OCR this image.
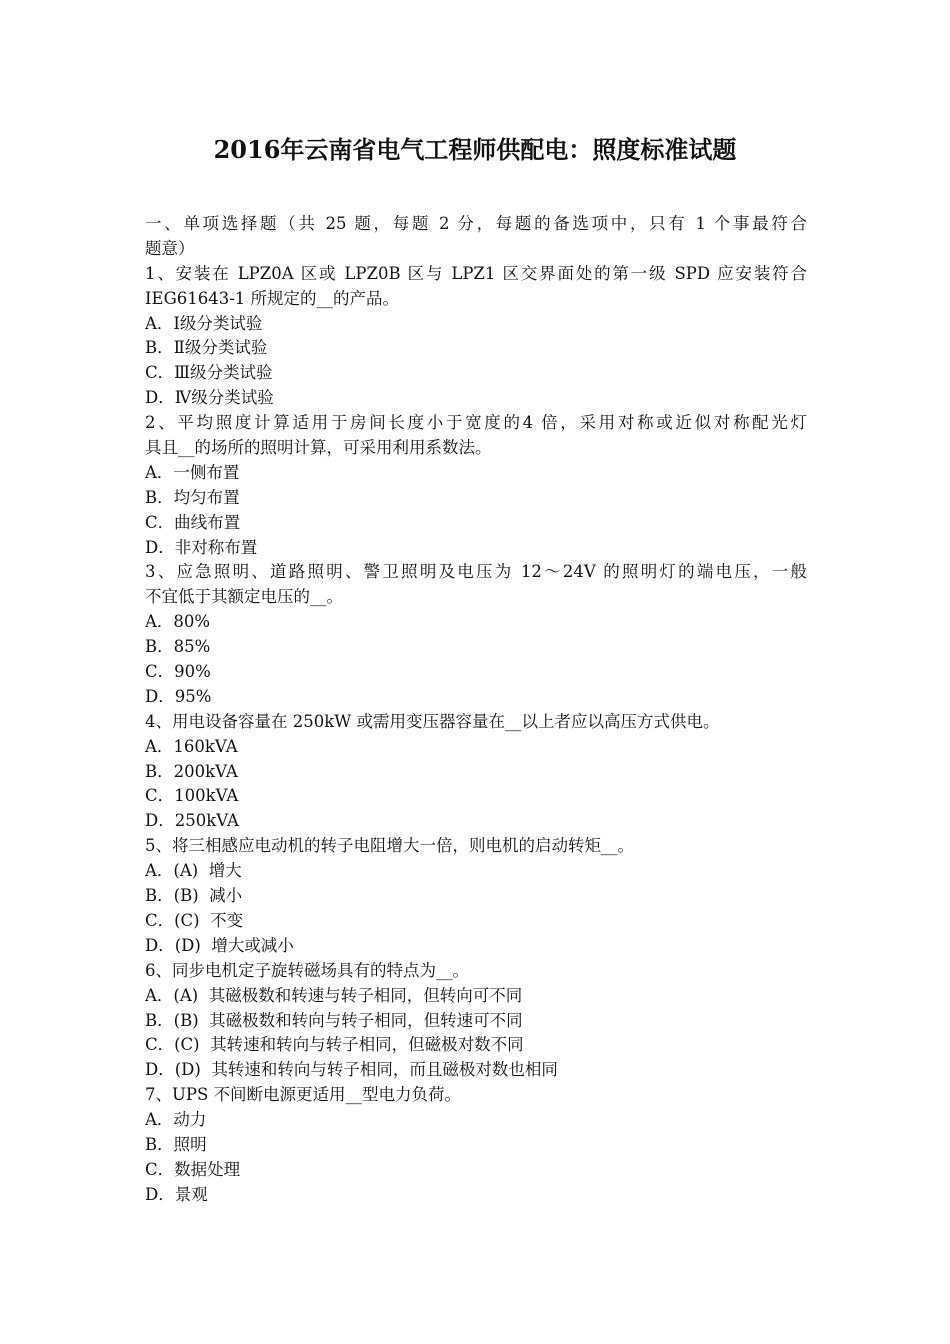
2016年云南省电气工程师供配电：照度标准试题
一、单项选择题（共 25 题，每题 2 分，每题的备选项中，只有 1 个事最符合
题意）
1、安装在 LPZ0A 区或 LPZ0B 区与 LPZ1 区交界面处的第一级 SPD 应安装符合
IEG61643-1 所规定的__的产品。
A．Ⅰ级分类试验
B．Ⅱ级分类试验
C．Ⅲ级分类试验
D．Ⅳ级分类试验
2、平均照度计算适用于房间长度小于宽度的4 倍，采用对称或近似对称配光灯
具且__的场所的照明计算，可采用利用系数法。
A．一侧布置
B．均匀布置
C．曲线布置
D．非对称布置
3、应急照明、道路照明、警卫照明及电压为 12～24V 的照明灯的端电压，一般
不宜低于其额定电压的__。
A．80%
B．85%
C．90%
D．95%
4、用电设备容量在 250kW 或需用变压器容量在__以上者应以高压方式供电。
A．160kVA
B．200kVA
C．100kVA
D．250kVA
5、将三相感应电动机的转子电阻增大一倍，则电机的启动转矩__。
A．(A)  增大
B．(B)  减小
C．(C)  不变
D．(D)  增大或减小
6、同步电机定子旋转磁场具有的特点为__。
A．(A)  其磁极数和转速与转子相同，但转向可不同
B．(B)  其磁极数和转向与转子相同，但转速可不同
C．(C)  其转速和转向与转子相同，但磁极对数不同
D．(D)  其转速和转向与转子相同，而且磁极对数也相同
7、UPS 不间断电源更适用__型电力负荷。
A．动力
B．照明
C．数据处理
D．景观
